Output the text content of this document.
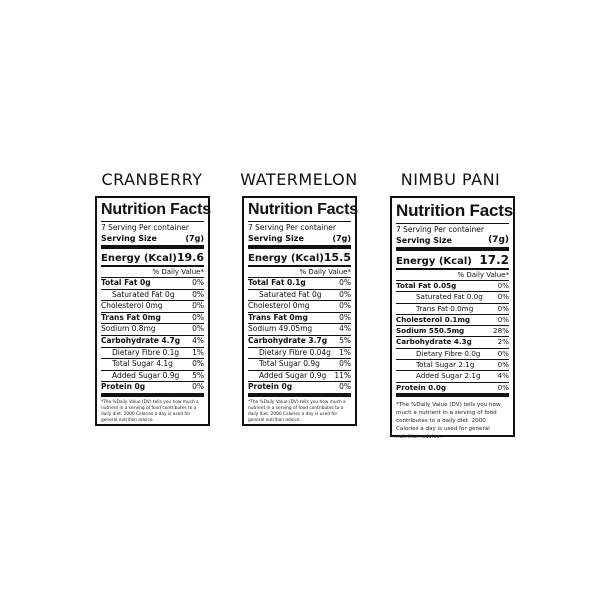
CRANBERRY
Nutrition Facts
7 Serving Per container
Serving Size	(7g)
Energy (Kcal) 19.6
% Daily Value*
Total Fat 0g	0%
Saturated Fat 0g 0%
Cholesterol 0mg	0%
Trans Fat 0mg	0%
Sodium 0.8mg	0%
Carbohydrate 4.7g 4%
Dietary Fibre 0.1g 1%
Total Sugar 4.1g	0%
Added Sugar 0.9g 5%
Protein 0g	0%
*The %Daily Value (DV) tells you how much a nutrient in a serving of food contributes to a daily diet. 2000 Calories a day is used for general nutrition advice.
WATERMELON
Nutrition Facts
7 Serving Per container
Serving Size	(7g)
Energy (Kcal) 15.5
% Daily Value*
Total Fat 0.1g	0%
Saturated Fat 0g 0%
Cholesterol 0mg	0%
Trans Fat 0mg	0%
Sodium 49.05mg	4%
Carbohydrate 3.7g 5%
Dietary Fibre 0.04g 1%
Total Sugar 0.9g	0%
Added Sugar 0.9g 11%
Protein 0g	0%
*The %Daily Value (DV) tells you how much a nutrient in a serving of food contributes to a daily diet. 2000 Calories a day is used for general nutrition advice.
NIMBU PANI
Nutrition Facts
7 Serving Per container
Serving Size	(7g)
Energy (Kcal) 17.2
% Daily Value*
Total Fat 0.05g	0%
Saturated Fat 0.0g 0%
Trans Fat 0.0mg	0%
Cholesterol 0.1mg	0%
Sodium 550.5mg	28%
Carbohydrate 4.3g	2%
Dietary Fibre 0.0g 0%
Total Sugar 2.1g	0%
Added Sugar 2.1g 4%
Protein 0.0g	0%
*The %Daily Value (DV) tells you how much a nutrient in a serving of food contributes to a daily diet. 2000 Calories a day is used for general nutrition advice.
